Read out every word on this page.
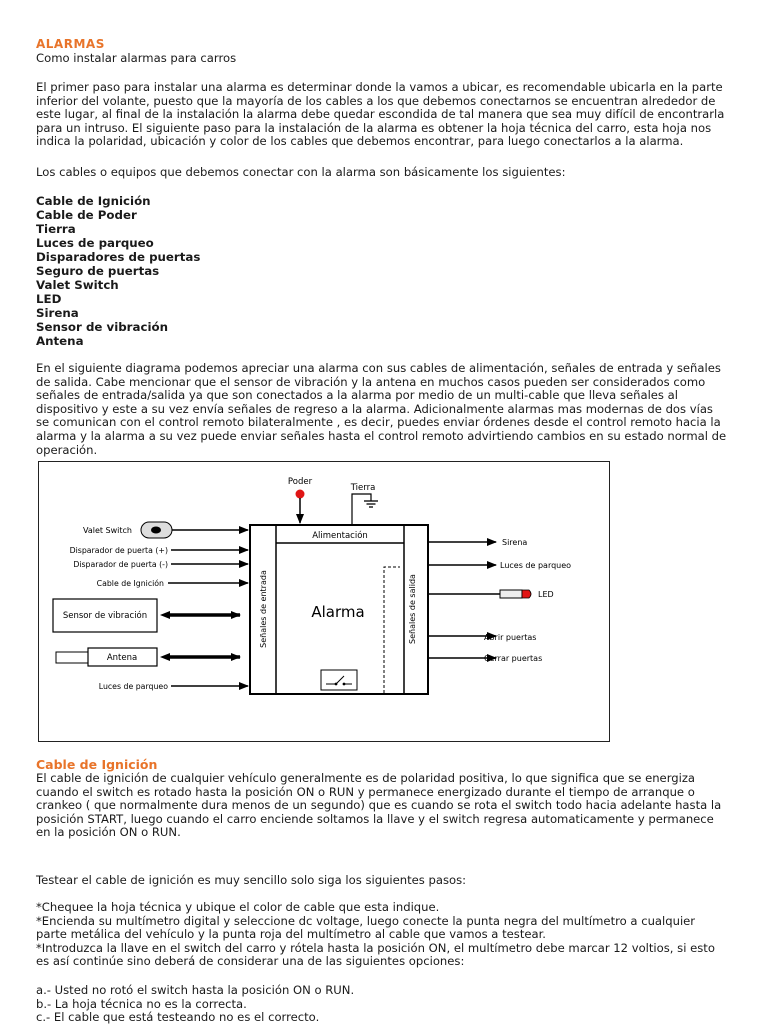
ALARMAS
Como instalar alarmas para carros
El primer paso para instalar una alarma es determinar donde la vamos a ubicar, es recomendable ubicarla en la parte
inferior del volante, puesto que la mayoría de los cables a los que debemos conectarnos se encuentran alrededor de
este lugar, al final de la instalación la alarma debe quedar escondida de tal manera que sea muy difícil de encontrarla
para un intruso. El siguiente paso para la instalación de la alarma es obtener la hoja técnica del carro, esta hoja nos
indica la polaridad, ubicación y color de los cables que debemos encontrar, para luego conectarlos a la alarma.
Los cables o equipos que debemos conectar con la alarma son básicamente los siguientes:
Cable de Ignición
Cable de Poder
Tierra
Luces de parqueo
Disparadores de puertas
Seguro de puertas
Valet Switch
LED
Sirena
Sensor de vibración
Antena
En el siguiente diagrama podemos apreciar una alarma con sus cables de alimentación, señales de entrada y señales
de salida. Cabe mencionar que el sensor de vibración y la antena en muchos casos pueden ser considerados como
señales de entrada/salida ya que son conectados a la alarma por medio de un multi-cable que lleva señales al
dispositivo y este a su vez envía señales de regreso a la alarma. Adicionalmente alarmas mas modernas de dos vías
se comunican con el control remoto bilateralmente , es decir, puedes enviar órdenes desde el control remoto hacia la
alarma y la alarma a su vez puede enviar señales hasta el control remoto advirtiendo cambios en su estado normal de
operación.
Alimentación
Alarma
Señales de entrada	Señales de salida
Poder
Tierra
Valet Switch
Disparador de puerta (+)
Disparador de puerta (-)
Cable de Ignición
Sensor de vibración
Antena
Luces de parqueo
Sirena
Luces de parqueo
LED
Abrir puertas
Cerrar puertas
Cable de Ignición
El cable de ignición de cualquier vehículo generalmente es de polaridad positiva, lo que significa que se energiza
cuando el switch es rotado hasta la posición ON o RUN y permanece energizado durante el tiempo de arranque o
crankeo ( que normalmente dura menos de un segundo) que es cuando se rota el switch todo hacia adelante hasta la
posición START, luego cuando el carro enciende soltamos la llave y el switch regresa automaticamente y permanece
en la posición ON o RUN.
Testear el cable de ignición es muy sencillo solo siga los siguientes pasos:
*Chequee la hoja técnica y ubique el color de cable que esta indique.
*Encienda su multímetro digital y seleccione dc voltage, luego conecte la punta negra del multímetro a cualquier
parte metálica del vehículo y la punta roja del multímetro al cable que vamos a testear.
*Introduzca la llave en el switch del carro y rótela hasta la posición ON, el multímetro debe marcar 12 voltios, si esto
es así continúe sino deberá de considerar una de las siguientes opciones:
a.- Usted no rotó el switch hasta la posición ON o RUN.
b.- La hoja técnica no es la correcta.
c.- El cable que está testeando no es el correcto.
